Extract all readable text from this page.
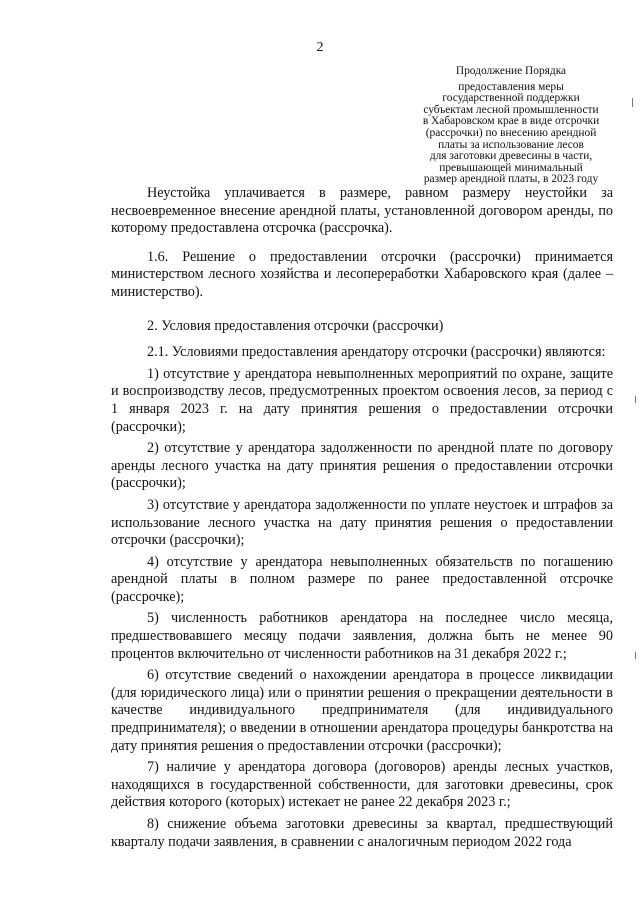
2
Продолжение Порядка
предоставления меры
государственной поддержки
субъектам лесной промышленности
в Хабаровском крае в виде отсрочки
(рассрочки) по внесению арендной
платы за использование лесов
для заготовки древесины в части,
превышающей минимальный
размер арендной платы, в 2023 году

Неустойка уплачивается в размере, равном размеру неустойки за несвоевременное внесение арендной платы, установленной договором аренды, по которому предоставлена отсрочка (рассрочка).

1.6. Решение о предоставлении отсрочки (рассрочки) принимается министерством лесного хозяйства и лесопереработки Хабаровского края (далее – министерство).

2. Условия предоставления отсрочки (рассрочки)

2.1. Условиями предоставления арендатору отсрочки (рассрочки) являются:

1) отсутствие у арендатора невыполненных мероприятий по охране, защите и воспроизводству лесов, предусмотренных проектом освоения лесов, за период с 1 января 2023 г. на дату принятия решения о предоставлении отсрочки (рассрочки);

2) отсутствие у арендатора задолженности по арендной плате по договору аренды лесного участка на дату принятия решения о предоставлении отсрочки (рассрочки);

3) отсутствие у арендатора задолженности по уплате неустоек и штрафов за использование лесного участка на дату принятия решения о предоставлении отсрочки (рассрочки);

4) отсутствие у арендатора невыполненных обязательств по погашению арендной платы в полном размере по ранее предоставленной отсрочке (рассрочке);

5) численность работников арендатора на последнее число месяца, предшествовавшего месяцу подачи заявления, должна быть не менее 90 процентов включительно от численности работников на 31 декабря 2022 г.;

6) отсутствие сведений о нахождении арендатора в процессе ликвидации (для юридического лица) или о принятии решения о прекращении деятельности в качестве индивидуального предпринимателя (для индивидуального предпринимателя); о введении в отношении арендатора процедуры банкротства на дату принятия решения о предоставлении отсрочки (рассрочки);

7) наличие у арендатора договора (договоров) аренды лесных участков, находящихся в государственной собственности, для заготовки древесины, срок действия которого (которых) истекает не ранее 22 декабря 2023 г.;

8) снижение объема заготовки древесины за квартал, предшествующий кварталу подачи заявления, в сравнении с аналогичным периодом 2022 года
